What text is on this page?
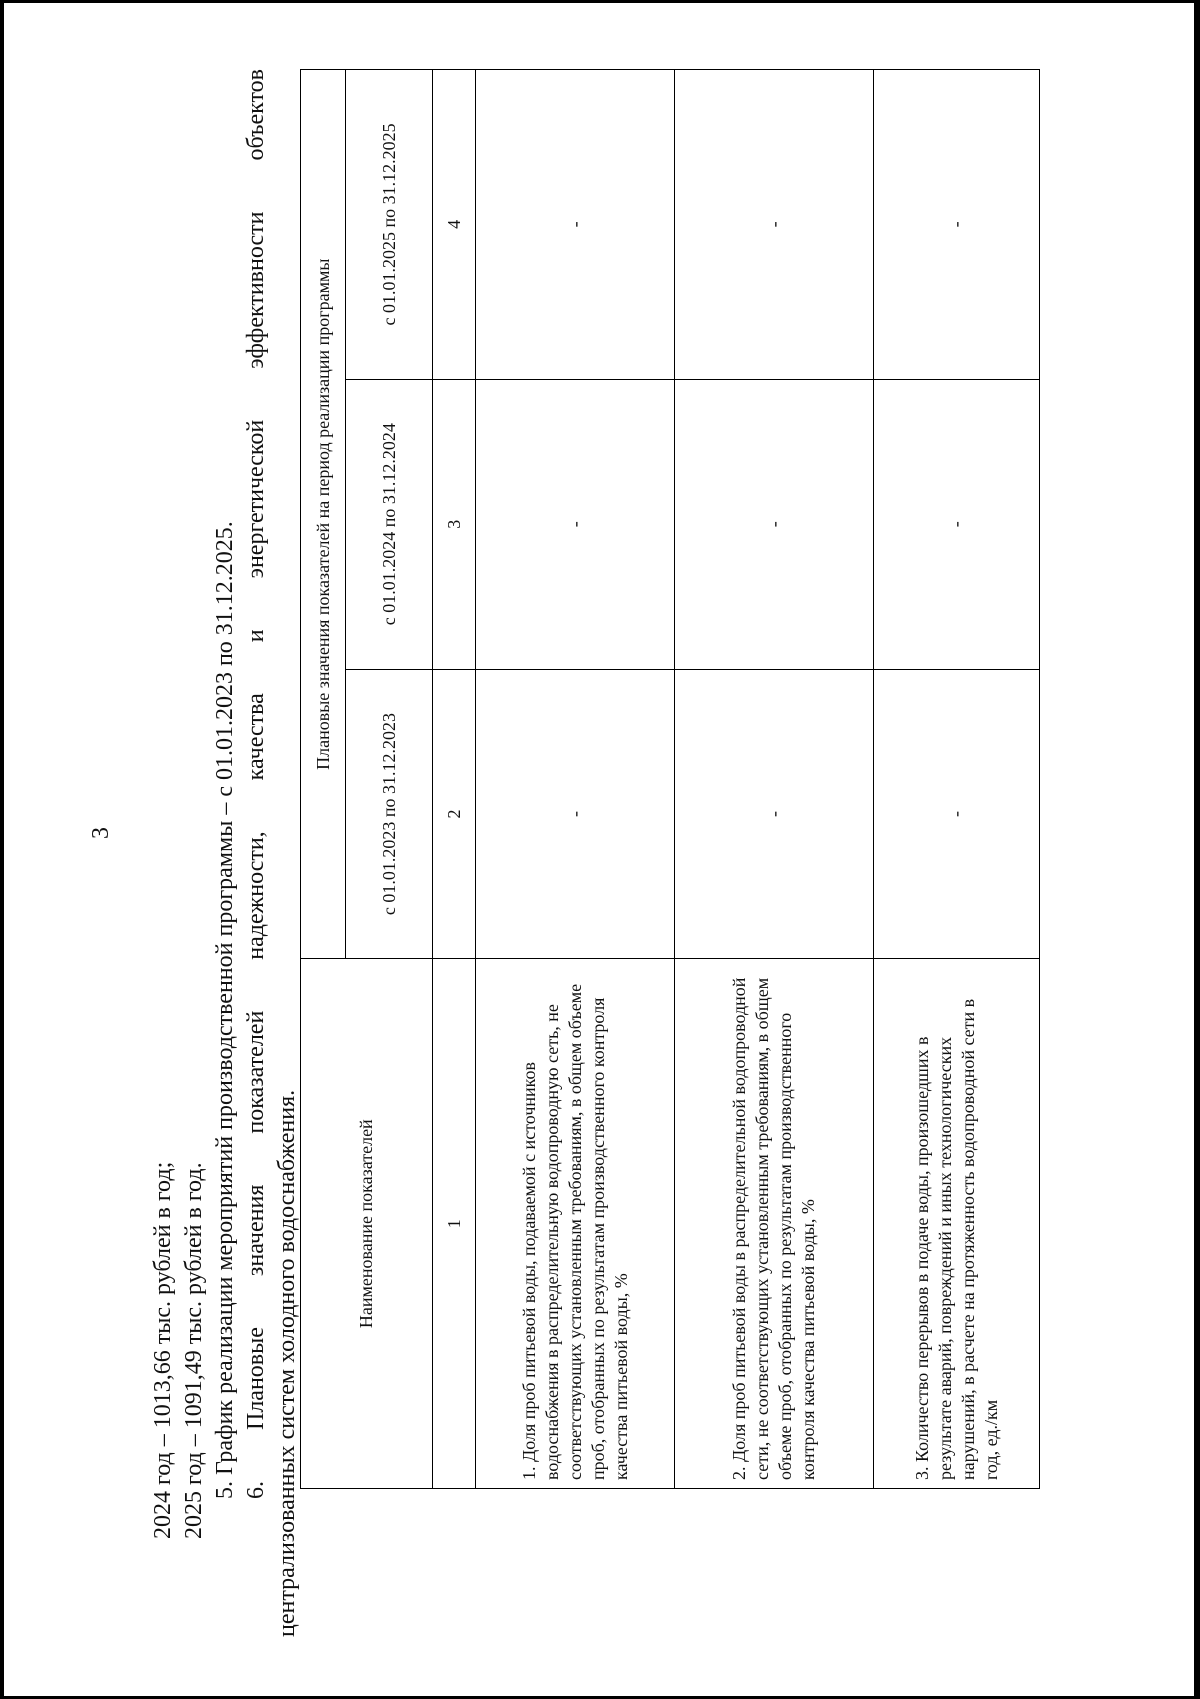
3
2024 год – 1013,66 тыс. рублей в год; 2025 год – 1091,49 тыс. рублей в год. 5. График реализации мероприятий производственной программы – с 01.01.2023 по 31.12.2025. 6.
Плановые
значения
показателей
надежности,
качества
и
энергетической
эффективности
объектов
централизованных систем холодного водоснабжения.	Наименование показателей	Плановые значения показателей на период реализации программы		
	с 01.01.2023 по 31.12.2023	с 01.01.2024 по 31.12.2024	с 01.01.2025 по 31.12.2025
1	2	3	4
1. Доля проб питьевой воды, подаваемой с источников водоснабжения в распределительную водопроводную сеть, не соответствующих установленным требованиям, в общем объеме проб, отобранных по результатам производственного контроля качества питьевой воды, %	-	-	-
2. Доля проб питьевой воды в распределительной водопроводной сети, не соответствующих установленным требованиям, в общем объеме проб, отобранных по результатам производственного контроля качества питьевой воды, %	-	-	-
3. Количество перерывов в подаче воды, произошедших в результате аварий, повреждений и иных технологических нарушений, в расчете на протяженность водопроводной сети в год, ед./км	-	-	-
